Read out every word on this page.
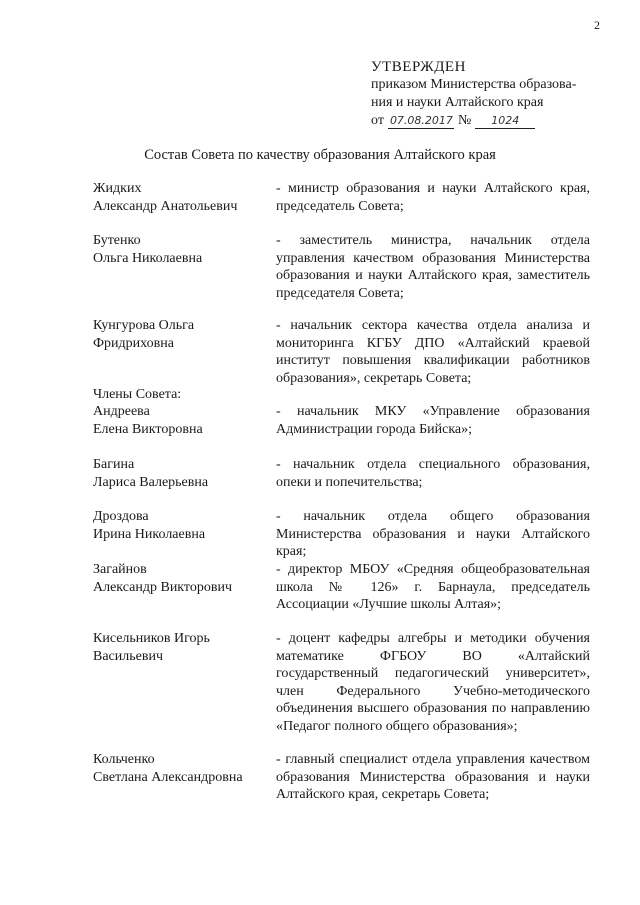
2
УТВЕРЖДЕН
приказом Министерства образова-
ния и науки Алтайского края
от 07.08.2017 №	1024
Состав Совета по качеству образования Алтайского края
Жидких
Александр Анатольевич
- министр образования и науки Алтайского края, председатель Совета;
Бутенко
Ольга Николаевна
- заместитель министра, начальник отдела управления качеством образования Министерства образования и науки Алтайского края, заместитель председателя Совета;
Кунгурова Ольга
Фридриховна
- начальник сектора качества отдела анализа и мониторинга КГБУ ДПО «Алтайский краевой институт повышения квалификации работников образования», секретарь Совета;
Члены Совета:
Андреева
Елена Викторовна
- начальник МКУ «Управление образования Администрации города Бийска»;
Багина
Лариса Валерьевна
- начальник отдела специального образования, опеки и попечительства;
Дроздова
Ирина Николаевна
- начальник отдела общего образования Министерства образования и науки Алтайского края;
Загайнов
Александр Викторович
- директор МБОУ «Средняя общеобразовательная школа № 126» г. Барнаула, председатель Ассоциации «Лучшие школы Алтая»;
Кисельников Игорь
Васильевич
- доцент кафедры алгебры и методики обучения математике ФГБОУ ВО «Алтайский государственный педагогический университет», член Федерального Учебно-методического объединения высшего образования по направлению «Педагог полного общего образования»;
Кольченко
Светлана Александровна
- главный специалист отдела управления качеством образования Министерства образования и науки Алтайского края, секретарь Совета;
